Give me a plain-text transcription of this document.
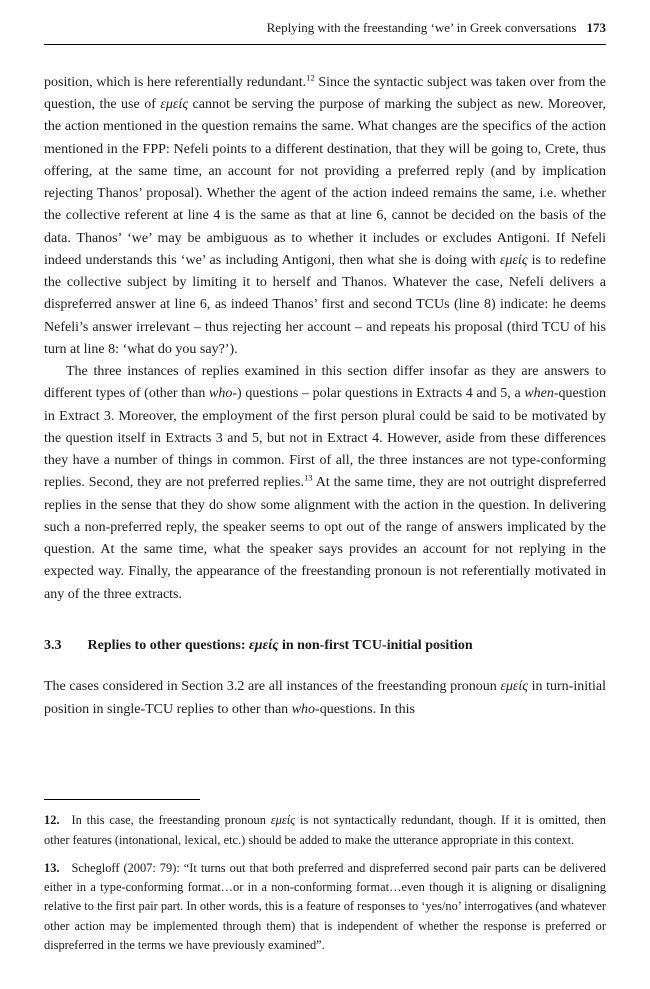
Replying with the freestanding ‘we’ in Greek conversations 173

position, which is here referentially redundant.$^{12}$ Since the syntactic subject was taken over from the question, the use of εμείς cannot be serving the purpose of marking the subject as new. Moreover, the action mentioned in the question remains the same. What changes are the specifics of the action mentioned in the FPP: Nefeli points to a different destination, that they will be going to, Crete, thus offering, at the same time, an account for not providing a preferred reply (and by implication rejecting Thanos’ proposal). Whether the agent of the action indeed remains the same, i.e. whether the collective referent at line 4 is the same as that at line 6, cannot be decided on the basis of the data. Thanos’ ‘we’ may be ambiguous as to whether it includes or excludes Antigoni. If Nefeli indeed understands this ‘we’ as including Antigoni, then what she is doing with εμείς is to redefine the collective subject by limiting it to herself and Thanos. Whatever the case, Nefeli delivers a dispreferred answer at line 6, as indeed Thanos’ first and second TCUs (line 8) indicate: he deems Nefeli’s answer irrelevant – thus rejecting her account – and repeats his proposal (third TCU of his turn at line 8: ‘what do you say?’).

The three instances of replies examined in this section differ insofar as they are answers to different types of (other than who-) questions – polar questions in Extracts 4 and 5, a when-question in Extract 3. Moreover, the employment of the first person plural could be said to be motivated by the question itself in Extracts 3 and 5, but not in Extract 4. However, aside from these differences they have a number of things in common. First of all, the three instances are not type-conforming replies. Second, they are not preferred replies.$^{13}$ At the same time, they are not outright dispreferred replies in the sense that they do show some alignment with the action in the question. In delivering such a non-preferred reply, the speaker seems to opt out of the range of answers implicated by the question. At the same time, what the speaker says provides an account for not replying in the expected way. Finally, the appearance of the freestanding pronoun is not referentially motivated in any of the three extracts.

3.3 Replies to other questions: εμείς in non-first TCU-initial position

The cases considered in Section 3.2 are all instances of the freestanding pronoun εμείς in turn-initial position in single-TCU replies to other than who-questions. In this

12. In this case, the freestanding pronoun εμείς is not syntactically redundant, though. If it is omitted, then other features (intonational, lexical, etc.) should be added to make the utterance appropriate in this context.

13. Schegloff (2007: 79): “It turns out that both preferred and dispreferred second pair parts can be delivered either in a type-conforming format…or in a non-conforming format…even though it is aligning or disaligning relative to the first pair part. In other words, this is a feature of responses to ‘yes/no’ interrogatives (and whatever other action may be implemented through them) that is independent of whether the response is preferred or dispreferred in the terms we have previously examined”.
